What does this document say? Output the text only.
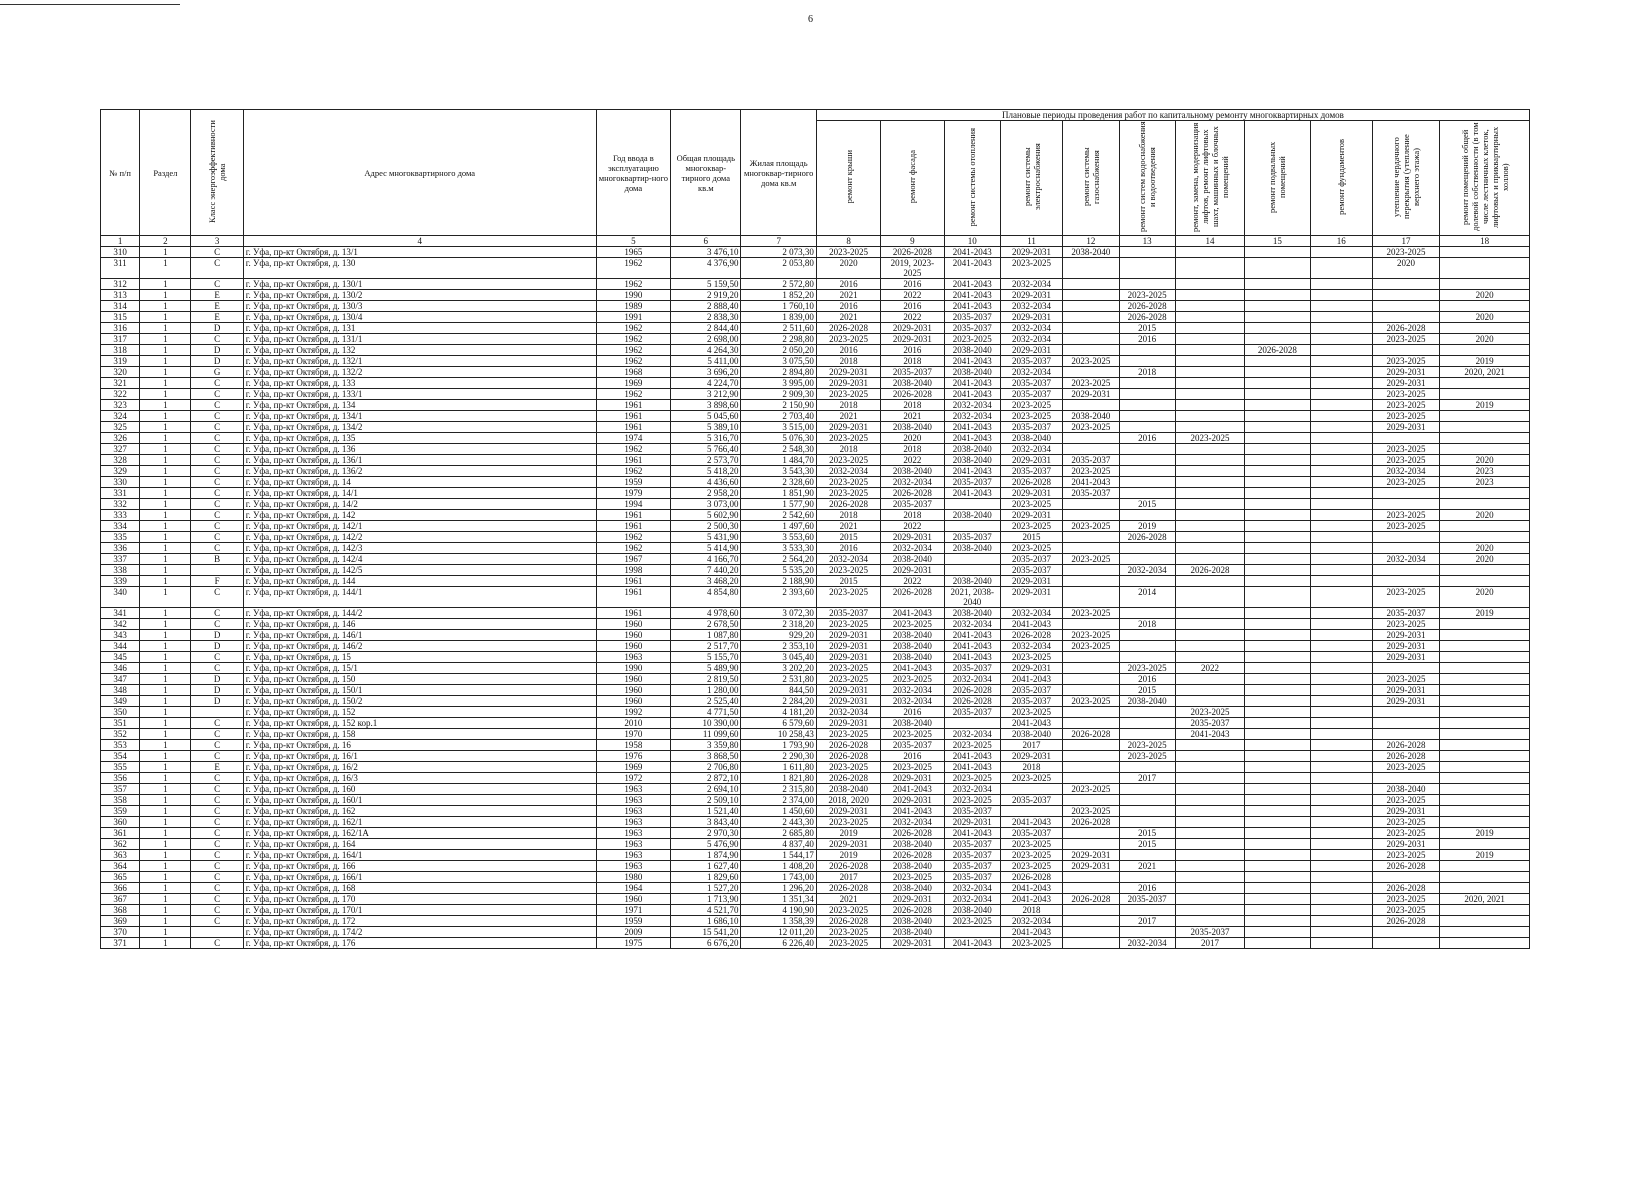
6
№ п/п	Раздел	Класс энергоэффективности дома	Адрес многоквартирного дома	Год ввода в эксплуатацию многоквартир-ного дома	Общая площадь многоквар-тирного дома кв.м	Жилая площадь многоквар-тирного дома кв.м	Плановые периоды проведения работ по капитальному ремонту многоквартирных домов										
							ремонт крыши	ремонт фасада	ремонт системы отопления	ремонт системы электроснабжения	ремонт системы газоснабжения	ремонт систем водоснабжения и водоотведения	ремонт, замена, модернизация лифтов, ремонт лифтовых шахт, машинных и блочных помещений	ремонт подвальных помещений	ремонт фундаментов	утепление чердачного перекрытия (утепление верхнего этажа)	ремонт помещений общей долевой собственности (в том числе лестничных клеток, лифтовых и приквартирных холлов)
1	2	3	4	5	6	7	8	9	10	11	12	13	14	15	16	17	18
310	1	C	г. Уфа, пр-кт Октября, д. 13/1	1965	3 476,10	2 073,30	2023-2025	2026-2028	2041-2043	2029-2031	2038-2040					2023-2025	
311	1	C	г. Уфа, пр-кт Октября, д. 130	1962	4 376,90	2 053,80	2020	2019, 2023-2025	2041-2043	2023-2025						2020	
312	1	C	г. Уфа, пр-кт Октября, д. 130/1	1962	5 159,50	2 572,80	2016	2016	2041-2043	2032-2034							
313	1	E	г. Уфа, пр-кт Октября, д. 130/2	1990	2 919,20	1 852,20	2021	2022	2041-2043	2029-2031		2023-2025					2020
314	1	E	г. Уфа, пр-кт Октября, д. 130/3	1989	2 888,40	1 760,10	2016	2016	2041-2043	2032-2034		2026-2028					
315	1	E	г. Уфа, пр-кт Октября, д. 130/4	1991	2 838,30	1 839,00	2021	2022	2035-2037	2029-2031		2026-2028					2020
316	1	D	г. Уфа, пр-кт Октября, д. 131	1962	2 844,40	2 511,60	2026-2028	2029-2031	2035-2037	2032-2034		2015				2026-2028	
317	1	C	г. Уфа, пр-кт Октября, д. 131/1	1962	2 698,00	2 298,80	2023-2025	2029-2031	2023-2025	2032-2034		2016				2023-2025	2020
318	1	D	г. Уфа, пр-кт Октября, д. 132	1962	4 264,30	2 050,20	2016	2016	2038-2040	2029-2031				2026-2028			
319	1	D	г. Уфа, пр-кт Октября, д. 132/1	1962	5 411,00	3 075,50	2018	2018	2041-2043	2035-2037	2023-2025					2023-2025	2019
320	1	G	г. Уфа, пр-кт Октября, д. 132/2	1968	3 696,20	2 894,80	2029-2031	2035-2037	2038-2040	2032-2034		2018				2029-2031	2020, 2021
321	1	C	г. Уфа, пр-кт Октября, д. 133	1969	4 224,70	3 995,00	2029-2031	2038-2040	2041-2043	2035-2037	2023-2025					2029-2031	
322	1	C	г. Уфа, пр-кт Октября, д. 133/1	1962	3 212,90	2 909,30	2023-2025	2026-2028	2041-2043	2035-2037	2029-2031					2023-2025	
323	1	C	г. Уфа, пр-кт Октября, д. 134	1961	3 898,60	2 150,90	2018	2018	2032-2034	2023-2025						2023-2025	2019
324	1	C	г. Уфа, пр-кт Октября, д. 134/1	1961	5 045,60	2 703,40	2021	2021	2032-2034	2023-2025	2038-2040					2023-2025	
325	1	C	г. Уфа, пр-кт Октября, д. 134/2	1961	5 389,10	3 515,00	2029-2031	2038-2040	2041-2043	2035-2037	2023-2025					2029-2031	
326	1	C	г. Уфа, пр-кт Октября, д. 135	1974	5 316,70	5 076,30	2023-2025	2020	2041-2043	2038-2040		2016	2023-2025				
327	1	C	г. Уфа, пр-кт Октября, д. 136	1962	5 766,40	2 548,30	2018	2018	2038-2040	2032-2034						2023-2025	
328	1	C	г. Уфа, пр-кт Октября, д. 136/1	1961	2 573,70	1 484,70	2023-2025	2022	2038-2040	2029-2031	2035-2037					2023-2025	2020
329	1	C	г. Уфа, пр-кт Октября, д. 136/2	1962	5 418,20	3 543,30	2032-2034	2038-2040	2041-2043	2035-2037	2023-2025					2032-2034	2023
330	1	C	г. Уфа, пр-кт Октября, д. 14	1959	4 436,60	2 328,60	2023-2025	2032-2034	2035-2037	2026-2028	2041-2043					2023-2025	2023
331	1	C	г. Уфа, пр-кт Октября, д. 14/1	1979	2 958,20	1 851,90	2023-2025	2026-2028	2041-2043	2029-2031	2035-2037						
332	1	C	г. Уфа, пр-кт Октября, д. 14/2	1994	3 073,00	1 577,90	2026-2028	2035-2037		2023-2025		2015					
333	1	C	г. Уфа, пр-кт Октября, д. 142	1961	5 602,90	2 542,60	2018	2018	2038-2040	2029-2031						2023-2025	2020
334	1	C	г. Уфа, пр-кт Октября, д. 142/1	1961	2 500,30	1 497,60	2021	2022		2023-2025	2023-2025	2019				2023-2025	
335	1	C	г. Уфа, пр-кт Октября, д. 142/2	1962	5 431,90	3 553,60	2015	2029-2031	2035-2037	2015		2026-2028					
336	1	C	г. Уфа, пр-кт Октября, д. 142/3	1962	5 414,90	3 533,30	2016	2032-2034	2038-2040	2023-2025							2020
337	1	B	г. Уфа, пр-кт Октября, д. 142/4	1967	4 166,70	2 564,20	2032-2034	2038-2040		2035-2037	2023-2025					2032-2034	2020
338	1		г. Уфа, пр-кт Октября, д. 142/5	1998	7 440,20	5 535,20	2023-2025	2029-2031		2035-2037		2032-2034	2026-2028				
339	1	F	г. Уфа, пр-кт Октября, д. 144	1961	3 468,20	2 188,90	2015	2022	2038-2040	2029-2031							
340	1	C	г. Уфа, пр-кт Октября, д. 144/1	1961	4 854,80	2 393,60	2023-2025	2026-2028	2021, 2038-2040	2029-2031		2014				2023-2025	2020
341	1	C	г. Уфа, пр-кт Октября, д. 144/2	1961	4 978,60	3 072,30	2035-2037	2041-2043	2038-2040	2032-2034	2023-2025					2035-2037	2019
342	1	C	г. Уфа, пр-кт Октября, д. 146	1960	2 678,50	2 318,20	2023-2025	2023-2025	2032-2034	2041-2043		2018				2023-2025	
343	1	D	г. Уфа, пр-кт Октября, д. 146/1	1960	1 087,80	929,20	2029-2031	2038-2040	2041-2043	2026-2028	2023-2025					2029-2031	
344	1	D	г. Уфа, пр-кт Октября, д. 146/2	1960	2 517,70	2 353,10	2029-2031	2038-2040	2041-2043	2032-2034	2023-2025					2029-2031	
345	1	C	г. Уфа, пр-кт Октября, д. 15	1963	5 155,70	3 045,40	2029-2031	2038-2040	2041-2043	2023-2025						2029-2031	
346	1	C	г. Уфа, пр-кт Октября, д. 15/1	1990	5 489,90	3 202,20	2023-2025	2041-2043	2035-2037	2029-2031		2023-2025	2022				
347	1	D	г. Уфа, пр-кт Октября, д. 150	1960	2 819,50	2 531,80	2023-2025	2023-2025	2032-2034	2041-2043		2016				2023-2025	
348	1	D	г. Уфа, пр-кт Октября, д. 150/1	1960	1 280,00	844,50	2029-2031	2032-2034	2026-2028	2035-2037		2015				2029-2031	
349	1	D	г. Уфа, пр-кт Октября, д. 150/2	1960	2 525,40	2 284,20	2029-2031	2032-2034	2026-2028	2035-2037	2023-2025	2038-2040				2029-2031	
350	1		г. Уфа, пр-кт Октября, д. 152	1992	4 771,50	4 181,20	2032-2034	2016	2035-2037	2023-2025			2023-2025				
351	1	C	г. Уфа, пр-кт Октября, д. 152 кор.1	2010	10 390,00	6 579,60	2029-2031	2038-2040		2041-2043			2035-2037				
352	1	C	г. Уфа, пр-кт Октября, д. 158	1970	11 099,60	10 258,43	2023-2025	2023-2025	2032-2034	2038-2040	2026-2028		2041-2043				
353	1	C	г. Уфа, пр-кт Октября, д. 16	1958	3 359,80	1 793,90	2026-2028	2035-2037	2023-2025	2017		2023-2025				2026-2028	
354	1	C	г. Уфа, пр-кт Октября, д. 16/1	1976	3 868,50	2 290,30	2026-2028	2016	2041-2043	2029-2031		2023-2025				2026-2028	
355	1	E	г. Уфа, пр-кт Октября, д. 16/2	1969	2 706,80	1 611,80	2023-2025	2023-2025	2041-2043	2018						2023-2025	
356	1	C	г. Уфа, пр-кт Октября, д. 16/3	1972	2 872,10	1 821,80	2026-2028	2029-2031	2023-2025	2023-2025		2017					
357	1	C	г. Уфа, пр-кт Октября, д. 160	1963	2 694,10	2 315,80	2038-2040	2041-2043	2032-2034		2023-2025					2038-2040	
358	1	C	г. Уфа, пр-кт Октября, д. 160/1	1963	2 509,10	2 374,00	2018, 2020	2029-2031	2023-2025	2035-2037						2023-2025	
359	1	C	г. Уфа, пр-кт Октября, д. 162	1963	1 521,40	1 450,60	2029-2031	2041-2043	2035-2037		2023-2025					2029-2031	
360	1	C	г. Уфа, пр-кт Октября, д. 162/1	1963	3 843,40	2 443,30	2023-2025	2032-2034	2029-2031	2041-2043	2026-2028					2023-2025	
361	1	C	г. Уфа, пр-кт Октября, д. 162/1А	1963	2 970,30	2 685,80	2019	2026-2028	2041-2043	2035-2037		2015				2023-2025	2019
362	1	C	г. Уфа, пр-кт Октября, д. 164	1963	5 476,90	4 837,40	2029-2031	2038-2040	2035-2037	2023-2025		2015				2029-2031	
363	1	C	г. Уфа, пр-кт Октября, д. 164/1	1963	1 874,90	1 544,17	2019	2026-2028	2035-2037	2023-2025	2029-2031					2023-2025	2019
364	1	C	г. Уфа, пр-кт Октября, д. 166	1963	1 627,40	1 408,20	2026-2028	2038-2040	2035-2037	2023-2025	2029-2031	2021				2026-2028	
365	1	C	г. Уфа, пр-кт Октября, д. 166/1	1980	1 829,60	1 743,00	2017	2023-2025	2035-2037	2026-2028							
366	1	C	г. Уфа, пр-кт Октября, д. 168	1964	1 527,20	1 296,20	2026-2028	2038-2040	2032-2034	2041-2043		2016				2026-2028	
367	1	C	г. Уфа, пр-кт Октября, д. 170	1960	1 713,90	1 351,34	2021	2029-2031	2032-2034	2041-2043	2026-2028	2035-2037				2023-2025	2020, 2021
368	1	C	г. Уфа, пр-кт Октября, д. 170/1	1971	4 521,70	4 190,90	2023-2025	2026-2028	2038-2040	2018						2023-2025	
369	1	C	г. Уфа, пр-кт Октября, д. 172	1959	1 686,10	1 358,39	2026-2028	2038-2040	2023-2025	2032-2034		2017				2026-2028	
370	1		г. Уфа, пр-кт Октября, д. 174/2	2009	15 541,20	12 011,20	2023-2025	2038-2040		2041-2043			2035-2037				
371	1	C	г. Уфа, пр-кт Октября, д. 176	1975	6 676,20	6 226,40	2023-2025	2029-2031	2041-2043	2023-2025		2032-2034	2017				
